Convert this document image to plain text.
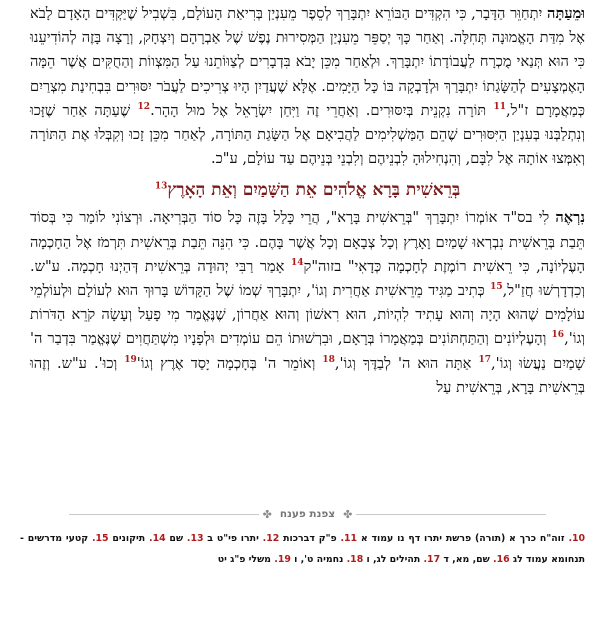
וּמֵעַתָּה יִתְחַוֵּר הַדָּבָר, כִּי הִקְדִּים הַבּוֹרֵא יִתְבָּרַךְ לְסֵפֶר מֵעִנְיַן בְּרִיאַת הָעוֹלָם, בִּשְׁבִיל שֶׁיַּקְדִּים הָאָדָם לָבֹא אֶל מִדַּת הָאֱמוּנָה תְּחִלָּה. וְאַחַר כָּךְ יְסַפֵּר מֵעִנְיַן הַמְּסִירוּת נֶפֶשׁ שֶׁל אַבְרָהָם וְיִצְחָק, וְרָצָה בָּזֶה לְהוֹדִיעֵנוּ כִּי הוּא תְּנַאי מֻכְרָח לַעֲבוֹדָתוֹ יִתְבָּרַךְ. וּלְאַחַר מִכֵּן יָבֹא בִּדְבָרִים לְצַוּוֹתֵנוּ עַל הַמִּצְווֹת וְהַחֻקִּים אֲשֶׁר הֵמָּה הָאֶמְצָעִים לְהַשָּׂגַתוֹ יִתְבָּרַךְ וּלְדָבְקָה בּוֹ כָּל הַיָּמִים. אֶלָּא שֶׁעֲדַיִן הָיוּ צְרִיכִים לַעֲבֹר יִסּוּרִים בִּבְחִינַת מִצְרַיִם כְּמַאֲמָרָם ז"ל,$^{11}$ תּוֹרָה נִקְנֵית בְּיִסּוּרִים. וְאַחֲרֵי זֶה וַיִּחַן יִשְׂרָאֵל אֶל מוּל הָהָר.$^{12}$ שֶׁעַתָּה אַחַר שֶׁזָּכוּ וְנִתְלַבְּנוּ בְּעִנְיַן הַיִּסּוּרִים שֶׁהֵם הַמַּשְׁלִימִים לַהֲבִיאָם אֶל הַשָּׂגַת הַתּוֹרָה, לְאַחַר מִכֵּן זָכוּ וְקִבְּלוּ אֶת הַתּוֹרָה וְאִמְּצוּ אוֹתָהּ אֶל לִבָּם, וְהִנְחִילוּהָ לִבְנֵיהֶם וְלִבְנֵי בְּנֵיהֶם עַד עוֹלָם, ע"כ.

בְּרֵאשִׁית בָּרָא אֱלֹהִים אֵת הַשָּׁמַיִם וְאֵת הָאָרֶץ$^{13}$

נִרְאֶה לִי בס"ד אוֹמְרוֹ יִתְבָּרַךְ "בְּרֵאשִׁית בָּרָא", הֲרֵי כָּלַל בָּזֶה כָּל סוֹד הַבְּרִיאָה. וּרְצוֹנִי לוֹמַר כִּי בְּסוֹד תֵּבַת בְּרֵאשִׁית נִבְרְאוּ שָׁמַיִם וָאָרֶץ וְכָל צְבָאָם וְכָל אֲשֶׁר בָּהֶם. כִּי הִנֵּה תֵּבַת בְּרֵאשִׁית תִּרְמֹז אֶל הַחָכְמָה הָעֶלְיוֹנָה, כִּי רֵאשִׁית רוֹמֶזֶת לְחָכְמָה כְּדָאִי" בזוה"ק$^{14}$ אָמַר רַבִּי יְהוּדָה בְּרֵאשִׁית דְּהַיְנוּ חָכְמָה. ע"ש. וְכִדְדָרְשׁוּ חֲזַ"ל,$^{15}$ כְּתִיב מַגִּיד מֵרֵאשִׁית אַחֲרִית וְגוֹ', יִתְבָּרַךְ שְׁמוֹ שֶׁל הַקָּדוֹשׁ בָּרוּךְ הוּא לְעוֹלָם וּלְעוֹלְמֵי עוֹלָמִים שֶׁהוּא הָיָה וְהוּא עָתִיד לִהְיוֹת, הוּא רִאשׁוֹן וְהוּא אַחֲרוֹן, שֶׁנֶּאֱמַר מִי פָעַל וְעָשָׂה קֹרֵא הַדֹּרוֹת וְגוֹ',$^{16}$ וְהָעֶלְיוֹנִים וְהַתַּחְתּוֹנִים בְּמַאֲמָרוֹ בְּרָאָם, וּבִרְשׁוּתוֹ הֵם עוֹמְדִים וּלְפָנָיו מִשְׁתַּחֲוִים שֶׁנֶּאֱמַר בִּדְבַר ה' שָׁמַיִם נַעֲשׂוּ וְגוֹ',$^{17}$ אַתָּה הוּא ה' לְבַדֶּךָ וְגוֹ',$^{18}$ וְאוֹמֵר ה' בְּחָכְמָה יָסַד אֶרֶץ וְגוֹ'$^{19}$ וְכוּ'. ע"ש. וְזֶהוּ בְּרֵאשִׁית בָּרָא, בְּרֵאשִׁית עַל

✤ צפנת פענח ✤
10. זוה"ח כרך א (תורה) פרשת יתרו דף נו עמוד א 11. פ"ק דברכות 12. יתרו פי"ט ב 13. שם 14. תיקונים 15. קטעי מדרשים - תנחומא עמוד לג 16. שם, מא, ד 17. תהילים לג, ו 18. נחמיה ט', ו 19. משלי פ"ג יט
